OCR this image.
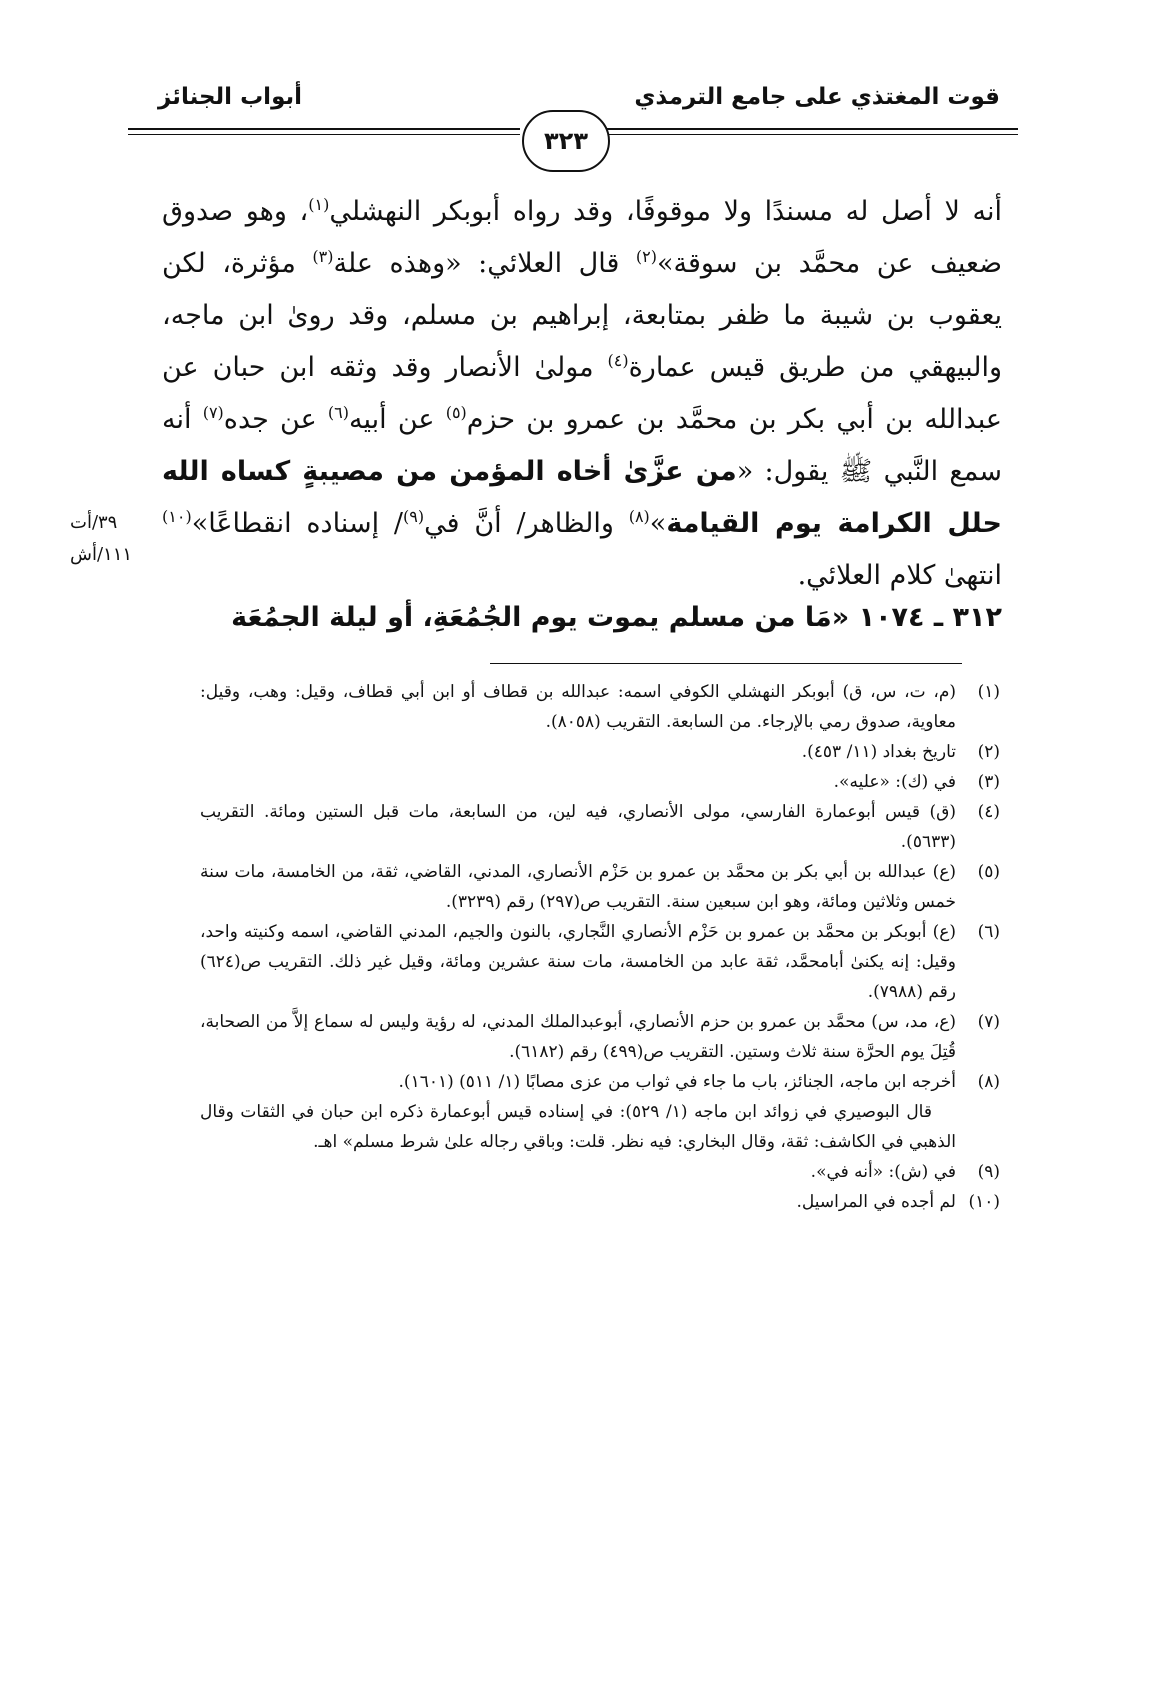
قوت المغتذي على جامع الترمذي
أبواب الجنائز
٣٢٣

أنه لا أصل له مسندًا ولا موقوفًا، وقد رواه أبوبكر النهشلي$^{(١)}$، وهو صدوق ضعيف عن محمَّد بن سوقة»$^{(٢)}$ قال العلائي: «وهذه علة$^{(٣)}$ مؤثرة، لكن يعقوب بن شيبة ما ظفر بمتابعة، إبراهيم بن مسلم، وقد روىٰ ابن ماجه، والبيهقي من طريق قيس عمارة$^{(٤)}$ مولىٰ الأنصار وقد وثقه ابن حبان عن عبدالله بن أبي بكر بن محمَّد بن عمرو بن حزم$^{(٥)}$ عن أبيه$^{(٦)}$ عن جده$^{(٧)}$ أنه سمع النَّبي ﷺ يقول: «من عزَّىٰ أخاه المؤمن من مصيبةٍ كساه الله حلل الكرامة يوم القيامة»$^{(٨)}$ والظاهر/ أنَّ في$^{(٩)}$/ إسناده انقطاعًا»$^{(١٠)}$ انتهىٰ كلام العلائي.

٣٩/أت
١١١/أش
٣١٢ ـ ١٠٧٤ «مَا من مسلم يموت يوم الجُمُعَةِ، أو ليلة الجمُعَة
(١)
(م، ت، س، ق) أبوبكر النهشلي الكوفي اسمه: عبدالله بن قطاف أو ابن أبي قطاف، وقيل: وهب، وقيل: معاوية، صدوق رمي بالإرجاء. من السابعة. التقريب (٨٠٥٨).
(٢)
تاريخ بغداد (١١/ ٤٥٣).
(٣)
في (ك): «عليه».
(٤)
(ق) قيس أبوعمارة الفارسي، مولى الأنصاري، فيه لين، من السابعة، مات قبل الستين ومائة. التقريب (٥٦٣٣).
(٥)
(ع) عبدالله بن أبي بكر بن محمَّد بن عمرو بن حَزْم الأنصاري، المدني، القاضي، ثقة، من الخامسة، مات سنة خمس وثلاثين ومائة، وهو ابن سبعين سنة. التقريب ص(٢٩٧) رقم (٣٢٣٩).
(٦)
(ع) أبوبكر بن محمَّد بن عمرو بن حَزْم الأنصاري النَّجاري، بالنون والجيم، المدني القاضي، اسمه وكنيته واحد، وقيل: إنه يكنىٰ أبامحمَّد، ثقة عابد من الخامسة، مات سنة عشرين ومائة، وقيل غير ذلك. التقريب ص(٦٢٤) رقم (٧٩٨٨).
(٧)
(ع، مد، س) محمَّد بن عمرو بن حزم الأنصاري، أبوعبدالملك المدني، له رؤية وليس له سماع إلاَّ من الصحابة، قُتِلَ يوم الحرَّة سنة ثلاث وستين. التقريب ص(٤٩٩) رقم (٦١٨٢).
(٨)
أخرجه ابن ماجه، الجنائز، باب ما جاء في ثواب من عزى مصابًا (١/ ٥١١) (١٦٠١).
قال البوصيري في زوائد ابن ماجه (١/ ٥٢٩): في إسناده قيس أبوعمارة ذكره ابن حبان في الثقات وقال الذهبي في الكاشف: ثقة، وقال البخاري: فيه نظر. قلت: وباقي رجاله علىٰ شرط مسلم» اهـ.
(٩)
في (ش): «أنه في».
(١٠)
لم أجده في المراسيل.
